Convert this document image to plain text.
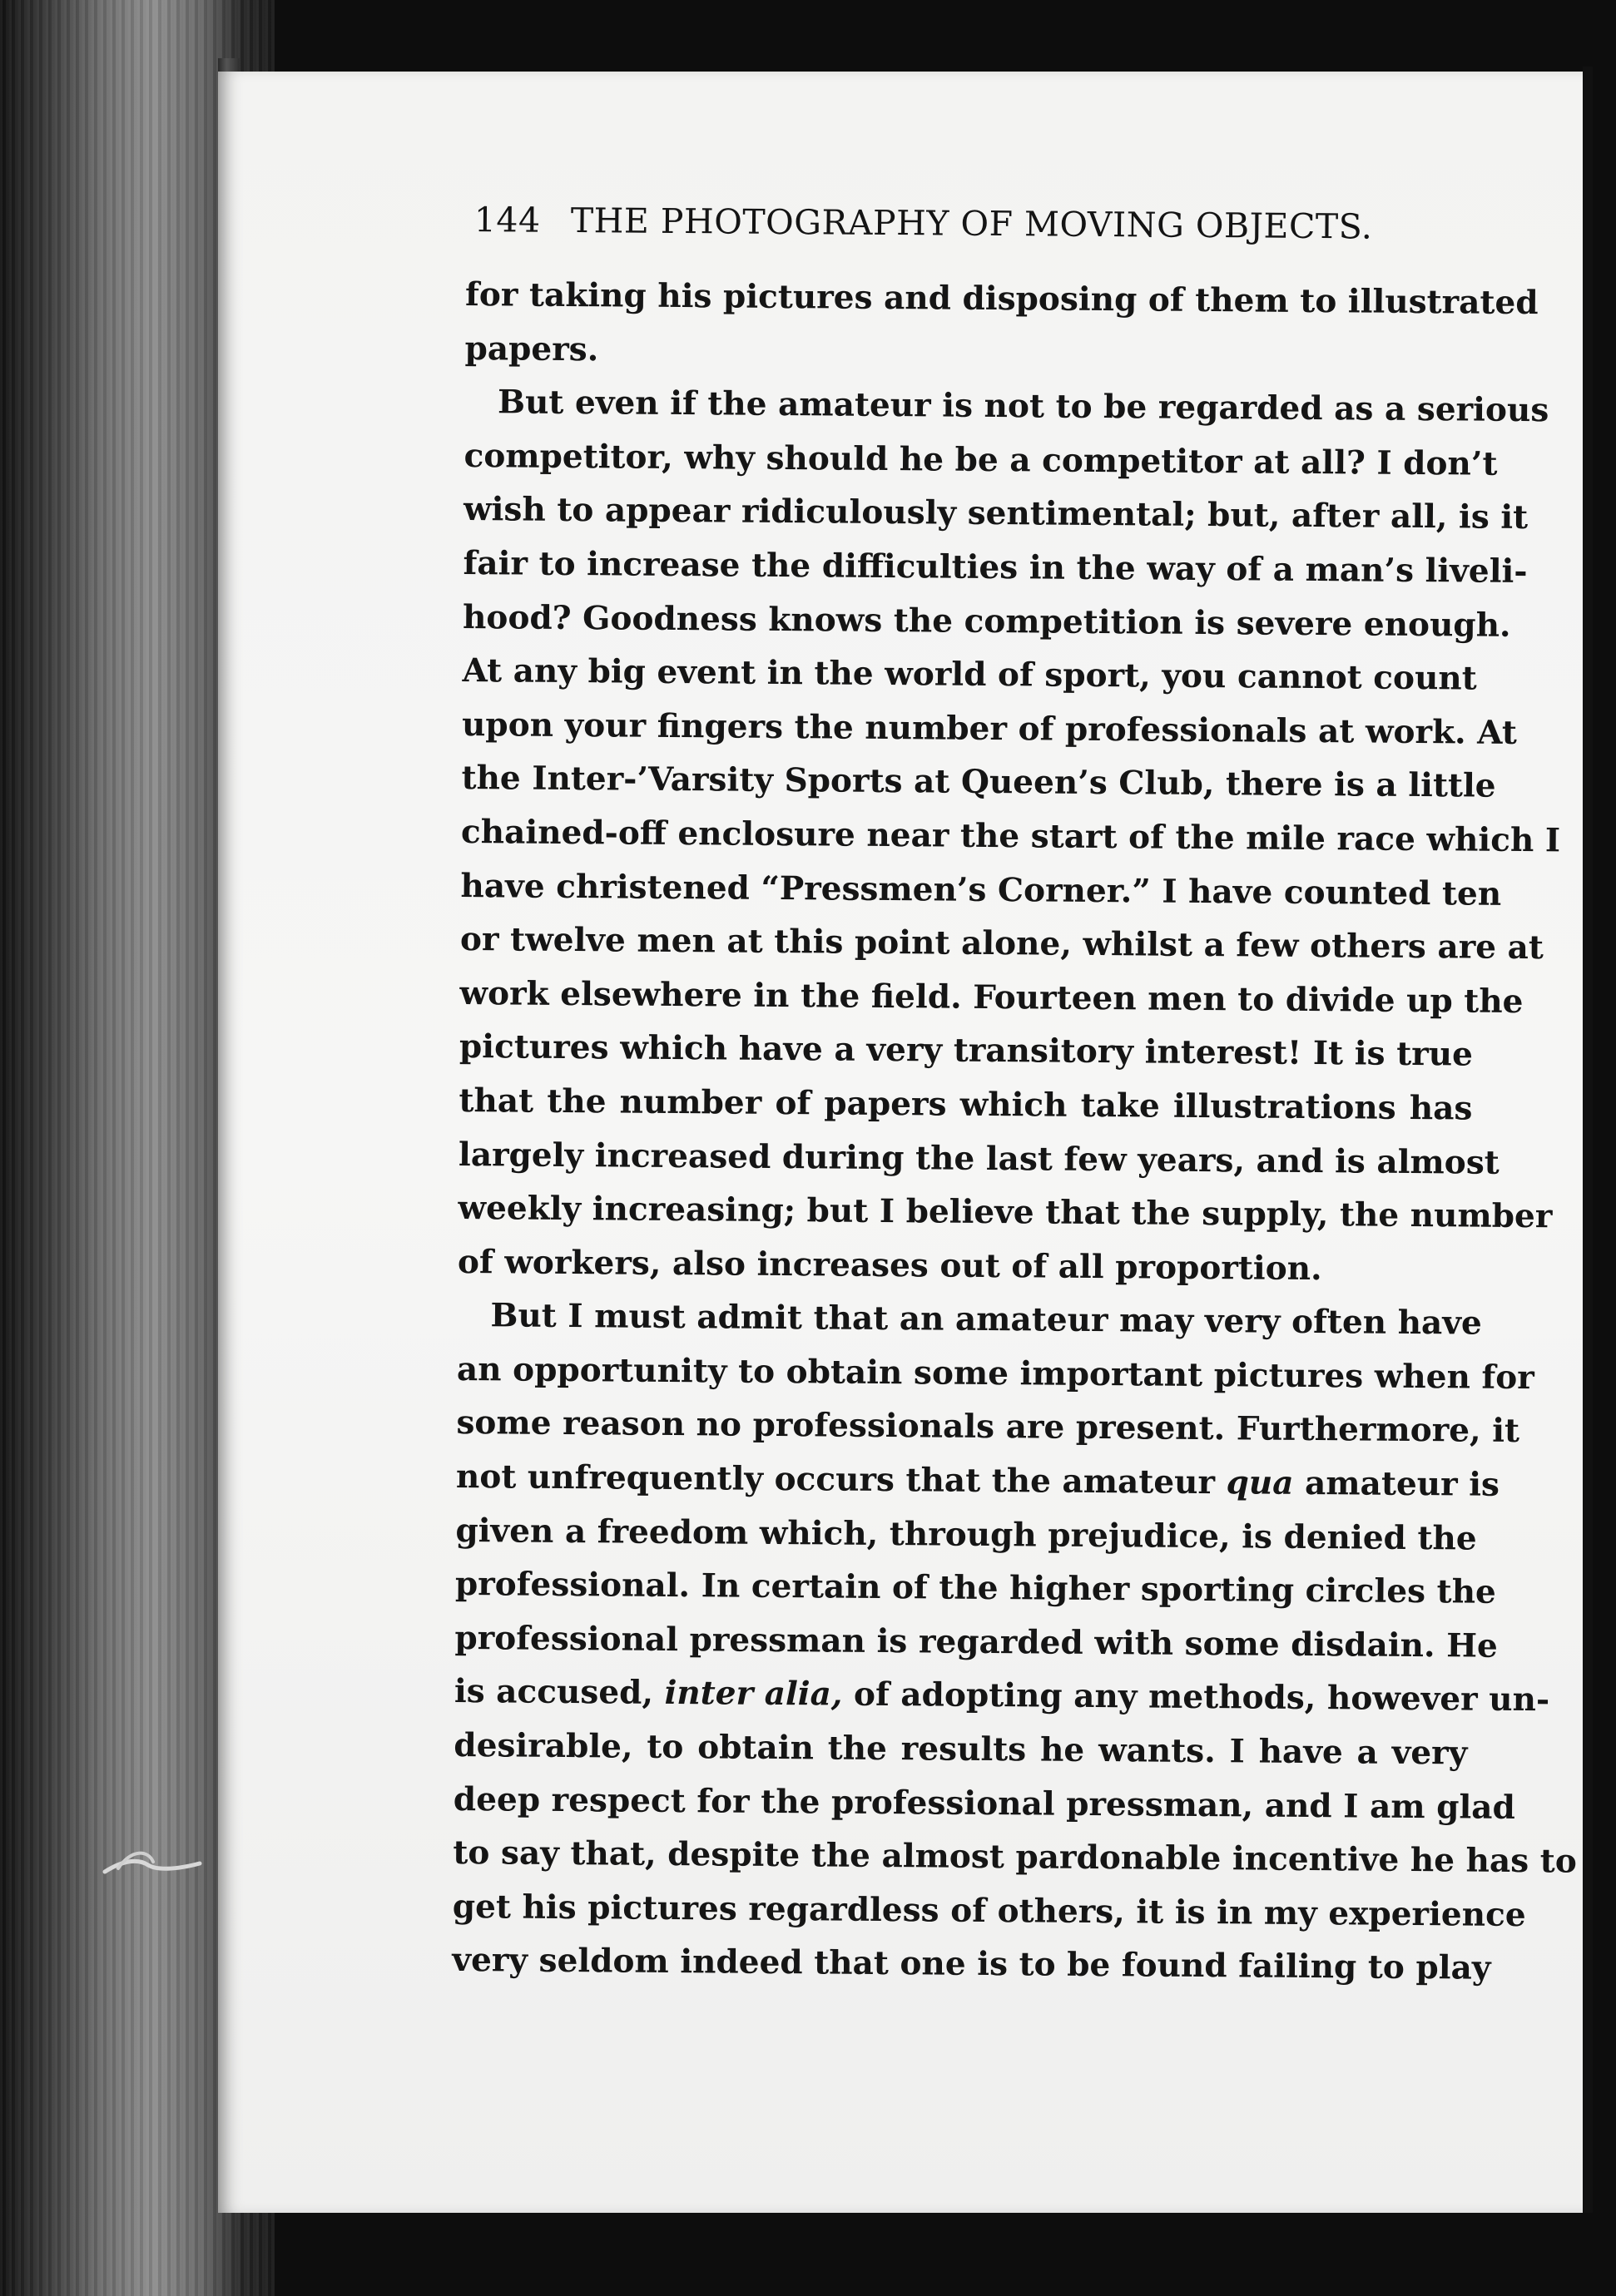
144 THE PHOTOGRAPHY OF MOVING OBJECTS.
for taking his pictures and disposing of them to illustrated
papers.
But even if the amateur is not to be regarded as a serious
competitor, why should he be a competitor at all? I don’t
wish to appear ridiculously sentimental; but, after all, is it
fair to increase the difficulties in the way of a man’s liveli-
hood? Goodness knows the competition is severe enough.
At any big event in the world of sport, you cannot count
upon your fingers the number of professionals at work. At
the Inter-’Varsity Sports at Queen’s Club, there is a little
chained-off enclosure near the start of the mile race which I
have christened “Pressmen’s Corner.” I have counted ten
or twelve men at this point alone, whilst a few others are at
work elsewhere in the field. Fourteen men to divide up the
pictures which have a very transitory interest! It is true
that the number of papers which take illustrations has
largely increased during the last few years, and is almost
weekly increasing; but I believe that the supply, the number
of workers, also increases out of all proportion.
But I must admit that an amateur may very often have
an opportunity to obtain some important pictures when for
some reason no professionals are present. Furthermore, it
not unfrequently occurs that the amateur qua amateur is
given a freedom which, through prejudice, is denied the
professional. In certain of the higher sporting circles the
professional pressman is regarded with some disdain. He
is accused, inter alia, of adopting any methods, however un-
desirable, to obtain the results he wants. I have a very
deep respect for the professional pressman, and I am glad
to say that, despite the almost pardonable incentive he has to
get his pictures regardless of others, it is in my experience
very seldom indeed that one is to be found failing to play
